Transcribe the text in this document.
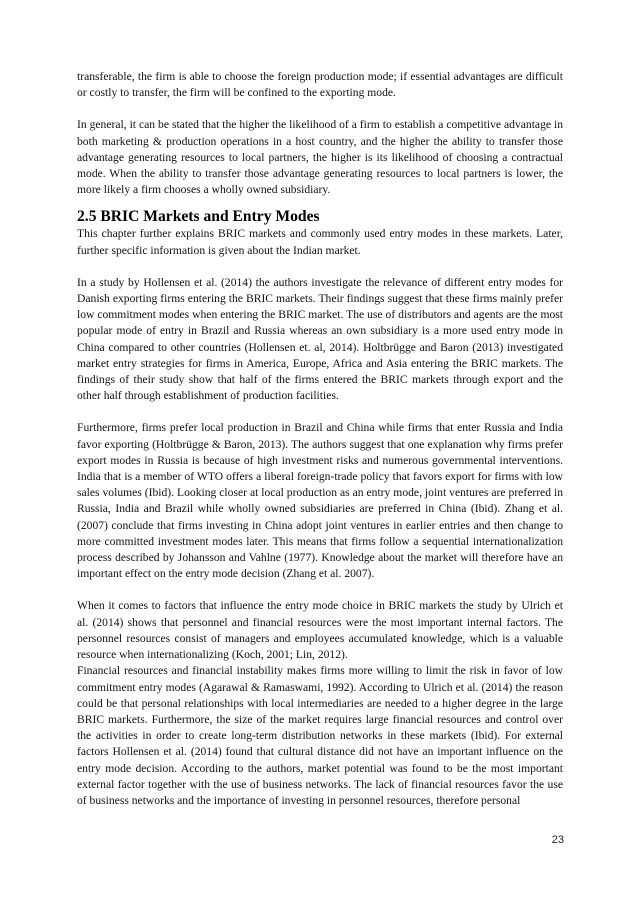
transferable, the firm is able to choose the foreign production mode; if essential advantages are difficult or costly to transfer, the firm will be confined to the exporting mode.

In general, it can be stated that the higher the likelihood of a firm to establish a competitive advantage in both marketing & production operations in a host country, and the higher the ability to transfer those advantage generating resources to local partners, the higher is its likelihood of choosing a contractual mode. When the ability to transfer those advantage generating resources to local partners is lower, the more likely a firm chooses a wholly owned subsidiary.

2.5 BRIC Markets and Entry Modes

This chapter further explains BRIC markets and commonly used entry modes in these markets. Later, further specific information is given about the Indian market.

In a study by Hollensen et al. (2014) the authors investigate the relevance of different entry modes for Danish exporting firms entering the BRIC markets. Their findings suggest that these firms mainly prefer low commitment modes when entering the BRIC market. The use of distributors and agents are the most popular mode of entry in Brazil and Russia whereas an own subsidiary is a more used entry mode in China compared to other countries (Hollensen et. al, 2014). Holtbrügge and Baron (2013) investigated market entry strategies for firms in America, Europe, Africa and Asia entering the BRIC markets. The findings of their study show that half of the firms entered the BRIC markets through export and the other half through establishment of production facilities.

Furthermore, firms prefer local production in Brazil and China while firms that enter Russia and India favor exporting (Holtbrügge & Baron, 2013). The authors suggest that one explanation why firms prefer export modes in Russia is because of high investment risks and numerous governmental interventions. India that is a member of WTO offers a liberal foreign-trade policy that favors export for firms with low sales volumes (Ibid). Looking closer at local production as an entry mode, joint ventures are preferred in Russia, India and Brazil while wholly owned subsidiaries are preferred in China (Ibid). Zhang et al. (2007) conclude that firms investing in China adopt joint ventures in earlier entries and then change to more committed investment modes later. This means that firms follow a sequential internationalization process described by Johansson and Vahlne (1977). Knowledge about the market will therefore have an important effect on the entry mode decision (Zhang et al. 2007).

When it comes to factors that influence the entry mode choice in BRIC markets the study by Ulrich et al. (2014) shows that personnel and financial resources were the most important internal factors. The personnel resources consist of managers and employees accumulated knowledge, which is a valuable resource when internationalizing (Koch, 2001; Lin, 2012).

Financial resources and financial instability makes firms more willing to limit the risk in favor of low commitment entry modes (Agarawal & Ramaswami, 1992). According to Ulrich et al. (2014) the reason could be that personal relationships with local intermediaries are needed to a higher degree in the large BRIC markets. Furthermore, the size of the market requires large financial resources and control over the activities in order to create long-term distribution networks in these markets (Ibid). For external factors Hollensen et al. (2014) found that cultural distance did not have an important influence on the entry mode decision. According to the authors, market potential was found to be the most important external factor together with the use of business networks. The lack of financial resources favor the use of business networks and the importance of investing in personnel resources, therefore personal

23
